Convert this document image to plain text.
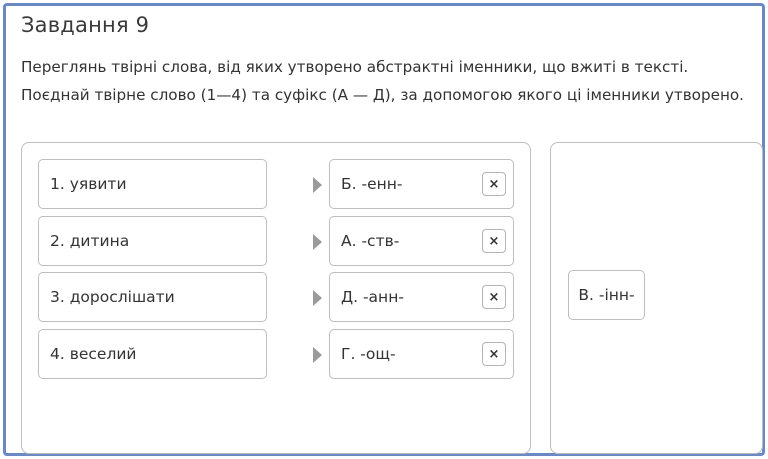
Завдання 9

Переглянь твірні слова, від яких утворено абстрактні іменники, що вжиті в тексті. Поєднай твірне слово (1—4) та суфікс (А — Д), за допомогою якого ці іменники утворено.

1. уявити	Б. -енн-	×
2. дитина	А. -ств-	×
3. дорослішати	Д. -анн-	×
4. веселий	Г. -ощ-	×
В. -інн-
